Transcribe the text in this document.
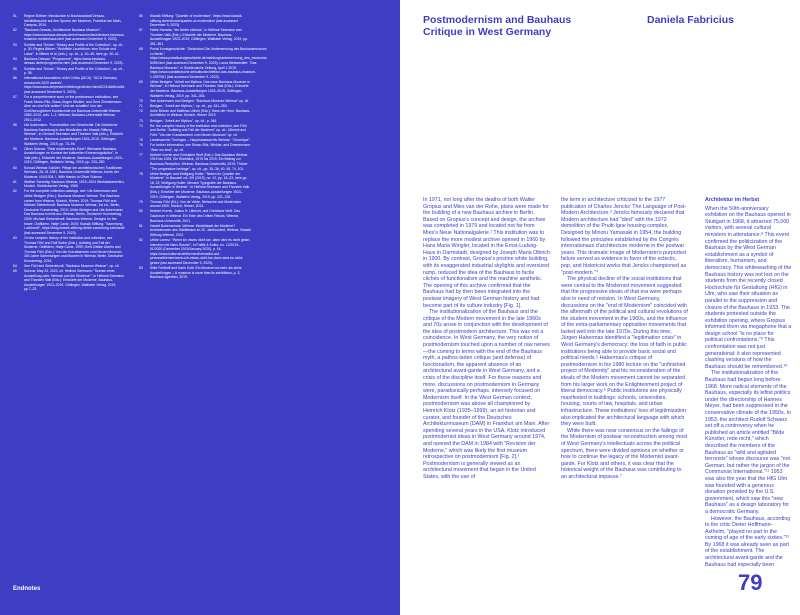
51	Regine Böttner: Introduction to Bauhausstadt Dessau, Identitätssuche auf den Spuren der Moderne, Frankfurt am Main, Campus, 2010.
52	"Bauhaus Dessau, Architecture Bauhaus Museum", https://www.bauhaus-dessau.de/en/museum/architecture-bauhaus-museum-meisterhaus.html (last accessed December 9, 2023).
53	Schäbe and Thöner: "History and Profile of the Collection", op. cit., p. 30; Regina Bittner: "Wohlfeile Leuchtturm: eine Schule und Labor", in Bittner et al. (eds.), op. cit., p. 40–45, here pp. 40–41.
54	Bauhaus Dessau: "Programme", https://www.bauhaus-dessau.de/en/programme.html (last accessed December 9, 2023).
55	Schäbe and Thöner: "History and Profile of the Collection", op. cit., p. 35.
56	International Association of Art Critics (AICA): "AICA Germany announces 2020 awards", https://www.aica.de/preise/mitteilungen/index.htm#IDX1d6e8c4c8d (last accessed December 9, 2023).
57	For a comprehensive work on the predecessor institutions, see Frank Simon-Ritz, Klaus-Jürgen Winkler, and Gerd Zimmermann: Aber wo sind Wir wollen? Und wir schaffen! Von der Großherzoglichen Kunstschule zur Bauhaus-Universität Weimar, 1860–2010, vols. 1–2, Weimar, Bauhaus-Universität Weimar, 2010–2012.
58	Ute Ackermann: "Konstruktion von Geschichte. Die historische Bauhaus-Sammlung in den Beständen der Klassik Stiftung Weimar", in Gerhard Seemann and Thorsten Valk (eds.), Entwürfe der Moderne. Bauhaus-Ausstellungen 1923–2019, Göttingen, Wallstein Verlag, 2019, pp. 73–96.
59	Oliver Sukrow: "Real existierendes Erbe? Weimarer Bauhaus-Ausstellungen im Kontext der kulturellen Erinnerungskultur", in Valk (eds.), Entwürfe der Moderne, Bauhaus-Ausstellungen 1923–2019, Göttingen, Wallstein Verlag, 2019, pp. 233–250.
60	Konrad Weimar Schüler: Pflege der architektonischen Traditionen Weimars, 26–31 1981, Bauhaus-Universität Weimar, Archiv der Moderne, I/04/1004, I, With thanks to Oliver Sukrow.
61	Walther Scheidig: Bauhaus Weimar, 1919–1924 Werkstattarbeiten, Munich, Süddeutscher Verlag, 1966.
62	For the complete collection catalogs, see: Ute Ackermann and Ulrike Bestgen (Eds.): Bauhaus Museum Weimar. The Bauhaus comes from Weimar, Munich, Hirmer, 2019; Thomas Föhl and Michael Siebenbrodt: Bauhaus Museum Weimar, 1st ed., Berlin, Deutscher Kunstverlag, 2010; Ulrike Bestgen and Ute Ackermann: Das Bauhaus kommt aus Weimar, Berlin, Deutscher Kunstverlag, 2009; Michael Siebenbrodt: Bauhaus Weimar. Designs for the future, Ostfildern, Hatje Cantz, 2000; Klassik Stiftung: "Sammlung Luckhardt", https://blog.klassik-stiftung.de/die-sammlung-luckhardt/ (last accessed December 9, 2023).
63	On the complex history of the institution and collection, see Thomas Föhl and Rolf Bothe (Eds.), Aufstieg und Fall der Moderne, Ostfildern, Hatje Cantz, 1999; Gerd Dettke Uberts and Thomas Föhl (Eds.): Von der Kunstkammer zum Neuen Museum. 300 Jahre Sammlungen und Museen in Weimar, Berlin, Deutscher Kunstverlag, 2015.
64	See Föhl and Siebenbrodt: "Bauhaus Museum Weimar", op. cit.
65	Sukrow, May 23, 2023, cit. Hellmut Seemann: "Szenen einer Ausstellung oder: Weimar und die 'Moderne'", in Hellmut Seemann and Thorsten Valk (Eds.): Entwürfe der Moderne. Bauhaus-Ausstellungen 1923–2019, Göttingen, Wallstein Verlag, 2019, pp.7–23.
66	Klassik Stiftung: "Quartier of modernism", https://www.klassik-stiftung.de/en/home/quartier-of-modernism/ (last accessed December 9, 2023).
67	Heike Hanada, "ein lichter schloss", in Hellmut Seemann and Thorsten Valk (Eds.): Entwürfe der Moderne. Bauhaus-Ausstellungen 1923–2019, Göttingen, Wallstein Verlag, 2019, pp. 351–361.
68	Portal Kunstgeschichte: "Gedenkort Die Umbenennung des Bauhausmuseum zu Berlin", https://www.portalkunstgeschichte.de/meldung/umbenennung_des_museums-8495.html (last accessed December 9, 2023); Laura Weissmüller: "Das Bauhaus Museum", in Süddeutsche Zeitung, April 1 2019, https://www.sueddeutsche.de/kultur/architektur-das-bauhaus-museum-1.4397061 (last accessed December 9, 2023).
69	Ulrike Bestgen: "Arbeit am Mythos. Das neue Bauhaus-Museum in Weimar", in Hellmut Seemann and Thorsten Valk (Eds.): Entwürfe der Moderne. Bauhaus-Ausstellungen 1923–2019, Göttingen, Wallstein Verlag, 2019, pp. 341–353.
70	See Ackermann and Bestgen: "Bauhaus Museum Weimar" op. cit.
71	Bestgen: "Arbeit am Mythos,", op. cit., pp. 341–353.
72	Anke Blümm and Matthias Ullrich (Eds.): Hans der Horn. Bauhaus-Architektur in Weimar, Munich, Hirmer 2019.
73	Bestgen: "Arbeit am Mythos", op. cit., p. 346.
74	Re. the complex history of the institution and collection, see Föhl and Bothe: "Aufstieg und Fall der Moderne" op. cit.; Ulbricht and Föhl: "Von der Kunstkammer zum Neuen Museum" op. cit.
75	Landesarchiv Thüringen – Hauptstaatsarchiv Weimar: "Chronique".
76	For further information, see Simon-Ritz, Winkler, and Zimmermann: "Aber wo sind", op. cit.
77	Norbert Korrek and Christiane Wolf (Eds.): Das Bauhaus Weimar 1919 bis 1925. Ein Rückblick, 1976 bis 2019. Ein Beitrag zur Bauhaus-Rezeption, Weimar, Bauhaus-Universität, 2019; Thöner: "The progressive heritage", op. cit., pp. 35–36, 40, 45, 74, 101.
78	Ulrike Bestgen and Wolfgang Holler: "Neben im Quartier der Moderne", in Bauwelt vol. 3/9 (2019), no. 12, pp. 18–23, here pp. 18, 22; Wolfgang Holler: Mensch Typografie der Bauhaus-Ausstellungen in Weimar", in Hellmut Seemann and Thorsten Valk (Eds.): Entwürfe der Moderne. Bauhaus-Ausstellungen 1923–2019, Göttingen, Wallstein Verlag, 2019, pp. 221–232.
79	Thomas Föhl (Ed.): Von de Velde, Nietzsche und Modernism around 1900, Munich, Hirmer, 2013.
80	Norbert Korrek, Justus H. Ulbricht, and Christiane Wolf: Das Gauforum in Weimar. Ein Erbe des Dritten Reichs, Weimar, Bauhaus-Universität, 2001.
81	Harald Bodenschatz: Weimar. Modellstadt der Moderne? Ambivalenzen des Städtebaus im 20. Jahrhundert, Weimar, Klassik Stiftung Weimar, 2012.
82	Ulrike Lorenz: "Wenn ich etwas nicht tue, dann wird es nicht getan. Interview mit Hans Rosner", in Politik & Kultur, no. 12/2019–01/2020 (December 2019/January 2020), p. 16, https://www.kulturrat.de/themen/heimat/ist-auf-personalthemen/wenn-ich-etwas-nicht-tue-dann-wird-es-nicht-getan/ (last accessed December 9, 2023).
83	Silke Feldhoff and Karin Kolb: Ein Museum ist mehr als seine Ausstellungen – A museum is more than its exhibitions, p. 3, Bauhaus Agentien, 2019.
Endnotes
Postmodernism and Bauhaus
Critique in West Germany
Daniela Fabricius

In 1971, not long after the deaths of both Walter Gropius and Mies van der Rohe, plans were made for the building of a new Bauhaus archive in Berlin. Based on Gropius's concept and design, the archive was completed in 1979 and located not far from Mies's Neue Nationalgalerie.¹ This institution was to replace the more modest archive opened in 1960 by Hans Maria Wingler, located in the Ernst-Ludwig-Haus in Darmstadt, designed by Joseph Maria Olbrich in 1900. By contrast, Gropius's pristine white building, with its exaggerated industrial skylights and oversized ramp, reduced the idea of the Bauhaus to facile clichés of functionalism and the machine aesthetic. The opening of this archive confirmed that the Bauhaus had by then been integrated into the postwar imagery of West German history and had become part of its culture industry [Fig. 1].

The institutionalization of the Bauhaus and the critique of the Modern movement in the late 1960s and 70s arose in conjunction with the development of the idea of postmodern architecture. This was not a coincidence. In West Germany, the very notion of postmodernism touched upon a number of raw nerves—the coming to terms with the end of the Bauhaus myth, a pathos-laden critique (and defense) of functionalism, the apparent absence of an architectural avant-garde in West Germany, and a crisis of the discipline itself. For these reasons and more, discussions on postmodernism in Germany were, paradoxically perhaps, intensely focused on Modernism itself. In the West German context, postmodernism was above all championed by Heinrich Klotz (1935–1999), an art historian and curator, and founder of the Deutsches Architekturmuseum (DAM) in Frankfurt am Main. After spending several years in the USA, Klotz introduced postmodernist ideas in West Germany around 1974, and opened the DAM in 1984 with "Revision der Moderne," which was likely the first museum retrospective on postmodernism [Fig. 2].² Postmodernism is generally viewed as an architectural movement that began in the United States, with the use of

the term in architecture criticized to the 1977 publication of Charles Jencks' The Language of Post-Modern Architecture.³ Jencks famously declared that Modern architecture had "died" with the 1972 demolition of the Pruitt-Igoe housing complex. Designed by Minoru Yamasaki in 1954, the building followed the principles established by the Congrès internationaux d'architecture moderne in the postwar years. This dramatic image of Modernism's purported failure served as evidence in favor of the eclectic, pop, and historicist works that Jencks championed as "post-modern."⁴

The physical decline of the social institutions that were central to the Modernist movement suggested that the progressive ideals of that era were perhaps also in need of revision. In West Germany, discussions on the "end of Modernism" coincided with the aftermath of the political and cultural revolutions of the student movement in the 1960s, and the influence of the extra-parliamentary opposition movements that lasted well into the late 1970s. During this time, Jürgen Habermas identified a "legitimation crisis" in West Germany's democracy: the loss of faith in public institutions being able to provide basic social and political needs.⁵ Habermas's critique of postmodernism in his 1980 lecture on the "unfinished project of Modernity" and his reconsideration of the ideals of the Modern movement cannot be separated from his larger work on the Enlightenment project of liberal democracy.⁶ Public institutions are physically manifested in buildings: schools, universities, housing, courts of law, hospitals, and urban infrastructure. These institutions' loss of legitimization also implicated the architectural language with which they were built.

While there was near consensus on the failings of the Modernism of postwar reconstruction among most of West Germany's intellectuals across the political spectrum, there were divided opinions on whether or how to continue the legacy of the Modernist avant-garde. For Klotz and others, it was clear that the historical weight of the Bauhaus was contributing to an architectural impasse.⁷

Architektur im Herbst

When the 50th-anniversary exhibition on the Bauhaus opened in Stuttgart in 1968, it attracted 75,000 visitors, with several cultural ministers in attendance.⁸ This event confirmed the politicization of the Bauhaus by the West German establishment as a symbol of liberalism, humanism, and democracy. This whitewashing of the Bauhaus history was not lost on the students from the recently closed Hochschule für Gestaltung (HfG) in Ulm, who saw their situation as parallel to the suppression and closure of the Bauhaus in 1933. The students protested outside the exhibition opening, where Gropius informed them via megaphone that a design school "is no place for political confrontations."⁹ This confrontation was not just generational: it also represented clashing versions of how the Bauhaus should be remembered.¹⁰

The institutionalization of the Bauhaus had begun long before 1968. More radical elements of the Bauhaus, especially its leftist politics under the directorship of Hannes Meyer, had been suppressed in the conservative climate of the 1950s. In 1953, the architect Rudolf Schwarz set off a controversy when he published an article entitled "Bilde Künstler, rede nicht," which described the members of the Bauhaus as "wild and agitated terrorists" whose discourse was "not German, but rather the jargon of the Communist International."¹¹ 1953 was also the year that the HfG Ulm was founded with a generous donation provided by the U.S. government, which saw this "new Bauhaus" as a design laboratory for a democratic Germany.

However, the Bauhaus, according to the critic Dieter Hoffmann-Axthelm, "played no part in the coming of age of the early sixties."¹² By 1968 it was already seen as part of the establishment. The architectural avant-garde and the Bauhaus had especially been

79
